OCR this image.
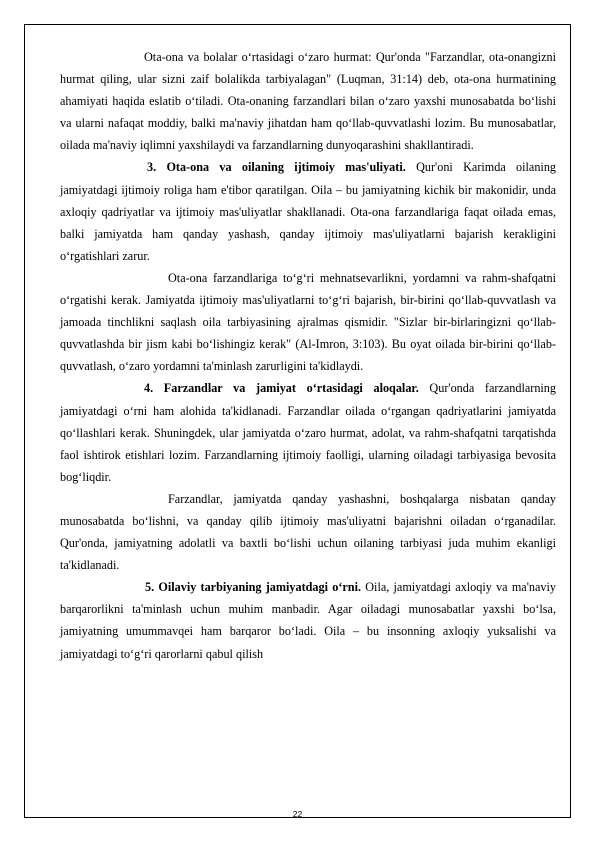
Ota-ona va bolalar o‘rtasidagi o‘zaro hurmat: Qur'onda "Farzandlar, ota-onangizni hurmat qiling, ular sizni zaif bolalikda tarbiyalagan" (Luqman, 31:14) deb, ota-ona hurmatining ahamiyati haqida eslatib o‘tiladi. Ota-onaning farzandlari bilan o‘zaro yaxshi munosabatda bo‘lishi va ularni nafaqat moddiy, balki ma'naviy jihatdan ham qo‘llab-quvvatlashi lozim. Bu munosabatlar, oilada ma'naviy iqlimni yaxshilaydi va farzandlarning dunyoqarashini shakllantiradi.

3. Ota-ona va oilaning ijtimoiy mas'uliyati. Qur'oni Karimda oilaning jamiyatdagi ijtimoiy roliga ham e'tibor qaratilgan. Oila – bu jamiyatning kichik bir makonidir, unda axloqiy qadriyatlar va ijtimoiy mas'uliyatlar shakllanadi. Ota-ona farzandlariga faqat oilada emas, balki jamiyatda ham qanday yashash, qanday ijtimoiy mas'uliyatlarni bajarish kerakligini o‘rgatishlari zarur.

Ota-ona farzandlariga to‘g‘ri mehnatsevarlikni, yordamni va rahm-shafqatni o‘rgatishi kerak. Jamiyatda ijtimoiy mas'uliyatlarni to‘g‘ri bajarish, bir-birini qo‘llab-quvvatlash va jamoada tinchlikni saqlash oila tarbiyasining ajralmas qismidir. "Sizlar bir-birlaringizni qo‘llab-quvvatlashda bir jism kabi bo‘lishingiz kerak" (Al-Imron, 3:103). Bu oyat oilada bir-birini qo‘llab-quvvatlash, o‘zaro yordamni ta'minlash zarurligini ta'kidlaydi.

4. Farzandlar va jamiyat o‘rtasidagi aloqalar. Qur'onda farzandlarning jamiyatdagi o‘rni ham alohida ta'kidlanadi. Farzandlar oilada o‘rgangan qadriyatlarini jamiyatda qo‘llashlari kerak. Shuningdek, ular jamiyatda o‘zaro hurmat, adolat, va rahm-shafqatni tarqatishda faol ishtirok etishlari lozim. Farzandlarning ijtimoiy faolligi, ularning oiladagi tarbiyasiga bevosita bog‘liqdir.

Farzandlar, jamiyatda qanday yashashni, boshqalarga nisbatan qanday munosabatda bo‘lishni, va qanday qilib ijtimoiy mas'uliyatni bajarishni oiladan o‘rganadilar. Qur'onda, jamiyatning adolatli va baxtli bo‘lishi uchun oilaning tarbiyasi juda muhim ekanligi ta'kidlanadi.

5. Oilaviy tarbiyaning jamiyatdagi o‘rni. Oila, jamiyatdagi axloqiy va ma'naviy barqarorlikni ta'minlash uchun muhim manbadir. Agar oiladagi munosabatlar yaxshi bo‘lsa, jamiyatning umummavqei ham barqaror bo‘ladi. Oila – bu insonning axloqiy yuksalishi va jamiyatdagi to‘g‘ri qarorlarni qabul qilish

22
